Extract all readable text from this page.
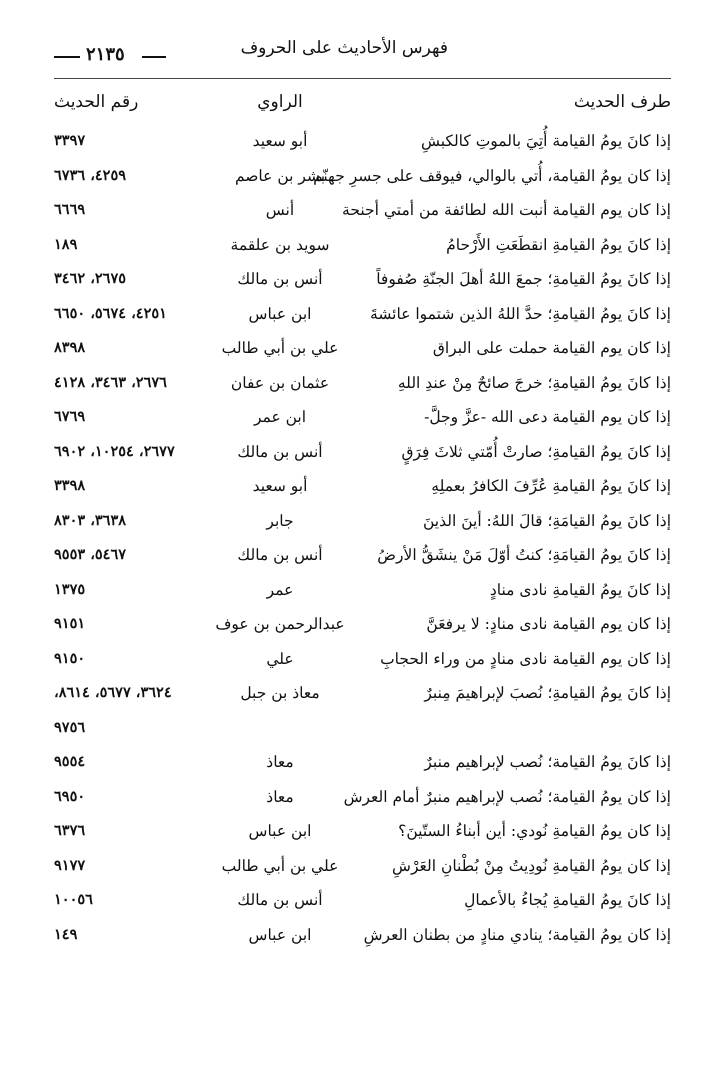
فهرس الأحاديث على الحروف
٢١٣٥
طرف الحديث
الراوي
رقم الحديث
إذا كانَ يومُ القيامة أُتِيَ بالموتِ كالكبشِ
أبو سعيد
٣٣٩٧
إذا كان يومُ القيامة، أُتي بالوالي، فيوقف على جسرِ جهنّم
بشر بن عاصم
٤٢٥٩، ٦٧٣٦
إذا كان يوم القيامة أنبت الله لطائفة من أمتي أجنحة
أنس
٦٦٦٩
إذا كانَ يومُ القيامةِ انقطَعَتِ الأَرْحامُ
سويد بن علقمة
١٨٩
إذا كانَ يومُ القيامةِ؛ جمعَ اللهُ أهلَ الجنّةِ صُفوفاً
أنس بن مالك
٢٦٧٥، ٣٤٦٢
إذا كانَ يومُ القيامةِ؛ حدَّ اللهُ الذين شتموا عائشةَ
ابن عباس
٤٢٥١، ٥٦٧٤، ٦٦٥٠
إذا كان يوم القيامة حملت على البراق
علي بن أبي طالب
٨٣٩٨
إذا كانَ يومُ القيامةِ؛ خرجَ صائحٌ مِنْ عندِ اللهِ
عثمان بن عفان
٢٦٧٦، ٣٤٦٣، ٤١٢٨
إذا كان يوم القيامة دعى الله -عزَّ وجلَّ-
ابن عمر
٦٧٦٩
إذا كانَ يومُ القيامةِ؛ صارتْ أُمّتي ثلاثَ فِرَقٍ
أنس بن مالك
٢٦٧٧، ١٠٢٥٤، ٦٩٠٢
إذا كانَ يومُ القيامةِ عُرِّفَ الكافرُ بعملِهِ
أبو سعيد
٣٣٩٨
إذا كانَ يومُ القيامَةِ؛ قالَ اللهُ: أينَ الذينَ
جابر
٣٦٣٨، ٨٣٠٣
إذا كانَ يومُ القيامَةِ؛ كنتُ أوّلَ مَنْ ينشَقُّ الأرضُ
أنس بن مالك
٥٤٦٧، ٩٥٥٣
إذا كانَ يومُ القيامةِ نادى منادٍ
عمر
١٣٧٥
إذا كان يوم القيامة نادى منادٍ: لا يرفعَنَّ
عبدالرحمن بن عوف
٩١٥١
إذا كان يوم القيامة نادى منادٍ من وراء الحجابِ
علي
٩١٥٠
إذا كانَ يومُ القيامةِ؛ نُصبَ لإبراهيمَ مِنبرٌ
معاذ بن جبل
٣٦٢٤، ٥٦٧٧، ٨٦١٤،
٩٧٥٦
إذا كانَ يومُ القيامة؛ نُصب لإبراهيم منبرٌ
معاذ
٩٥٥٤
إذا كان يومُ القيامة؛ نُصب لإبراهيم منبرٌ أمام العرش
معاذ
٦٩٥٠
إذا كان يومُ القيامةِ نُودي: أين أبناءُ الستّينَ؟
ابن عباس
٦٣٧٦
إذا كان يومُ القيامةِ نُودِيتُ مِنْ بُطْنانِ العَرْشِ
علي بن أبي طالب
٩١٧٧
إذا كانَ يومُ القيامةِ يُجاءُ بالأعمالِ
أنس بن مالك
١٠٠٥٦
إذا كان يومُ القيامة؛ ينادي منادٍ من بطنان العرشِ
ابن عباس
١٤٩
